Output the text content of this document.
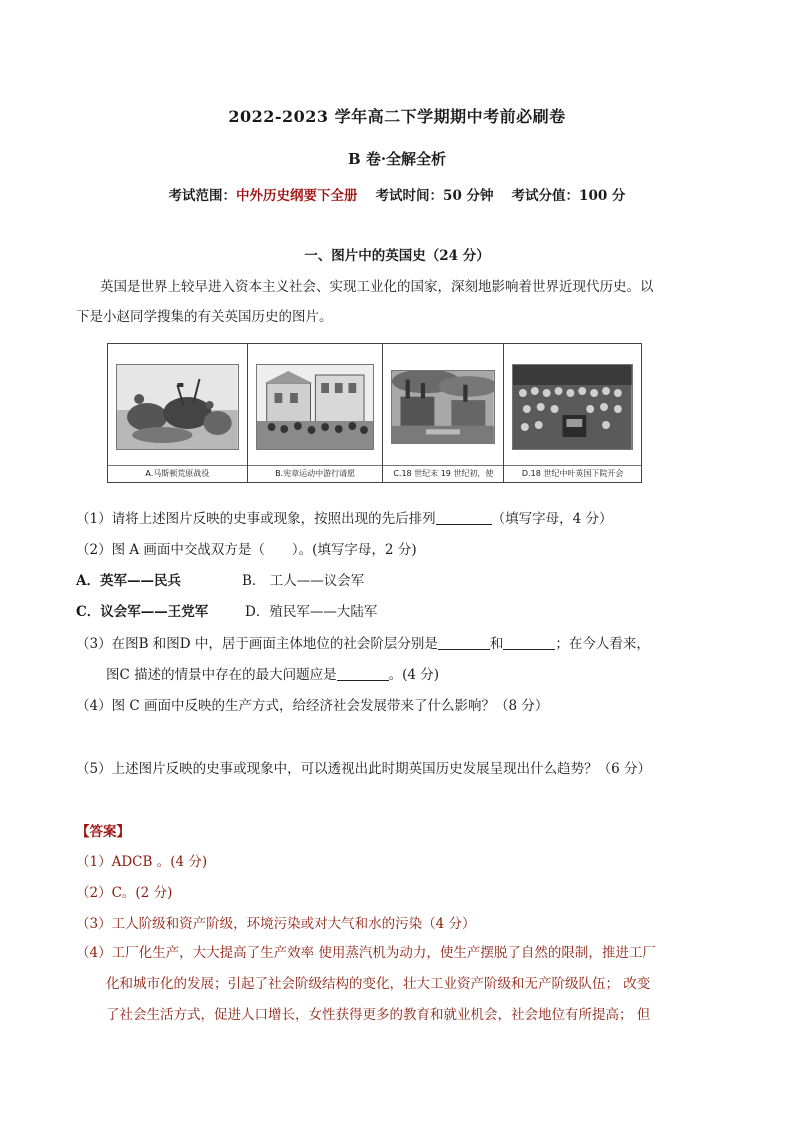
2022-2023 学年高二下学期期中考前必刷卷
B 卷·全解全析
考试范围：中外历史纲要下全册 考试时间：50 分钟 考试分值：100 分
一、图片中的英国史（24 分）
英国是世界上较早进入资本主义社会、实现工业化的国家，深刻地影响着世界近现代历史。以
下是小赵同学搜集的有关英国历史的图片。
A.马斯顿荒原战役	B.宪章运动中游行请愿	C.18 世纪末 19 世纪初，使	D.18 世纪中叶英国下院开会
（1）请将上述图片反映的史事或现象，按照出现的先后排列	（填写字母，4 分）
（2）图 A 画面中交战双方是（　　）。(填写字母，2 分)
A．英军——民兵	B． 工人——议会军
C．议会军——王党军	D．殖民军——大陆军
（3）在图B 和图D 中，居于画面主体地位的社会阶层分别是	和	；在今人看来，
图C 描述的情景中存在的最大问题应是	。(4 分)
（4）图 C 画面中反映的生产方式，给经济社会发展带来了什么影响？（8 分）
（5）上述图片反映的史事或现象中，可以透视出此时期英国历史发展呈现出什么趋势？（6 分）
【答案】
（1）ADCB 。(4 分)
（2）C。(2 分)
（3）工人阶级和资产阶级，环境污染或对大气和水的污染（4 分）
（4）工厂化生产，大大提高了生产效率 使用蒸汽机为动力，使生产摆脱了自然的限制，推进工厂
化和城市化的发展；引起了社会阶级结构的变化，壮大工业资产阶级和无产阶级队伍； 改变
了社会生活方式，促进人口增长，女性获得更多的教育和就业机会，社会地位有所提高； 但
